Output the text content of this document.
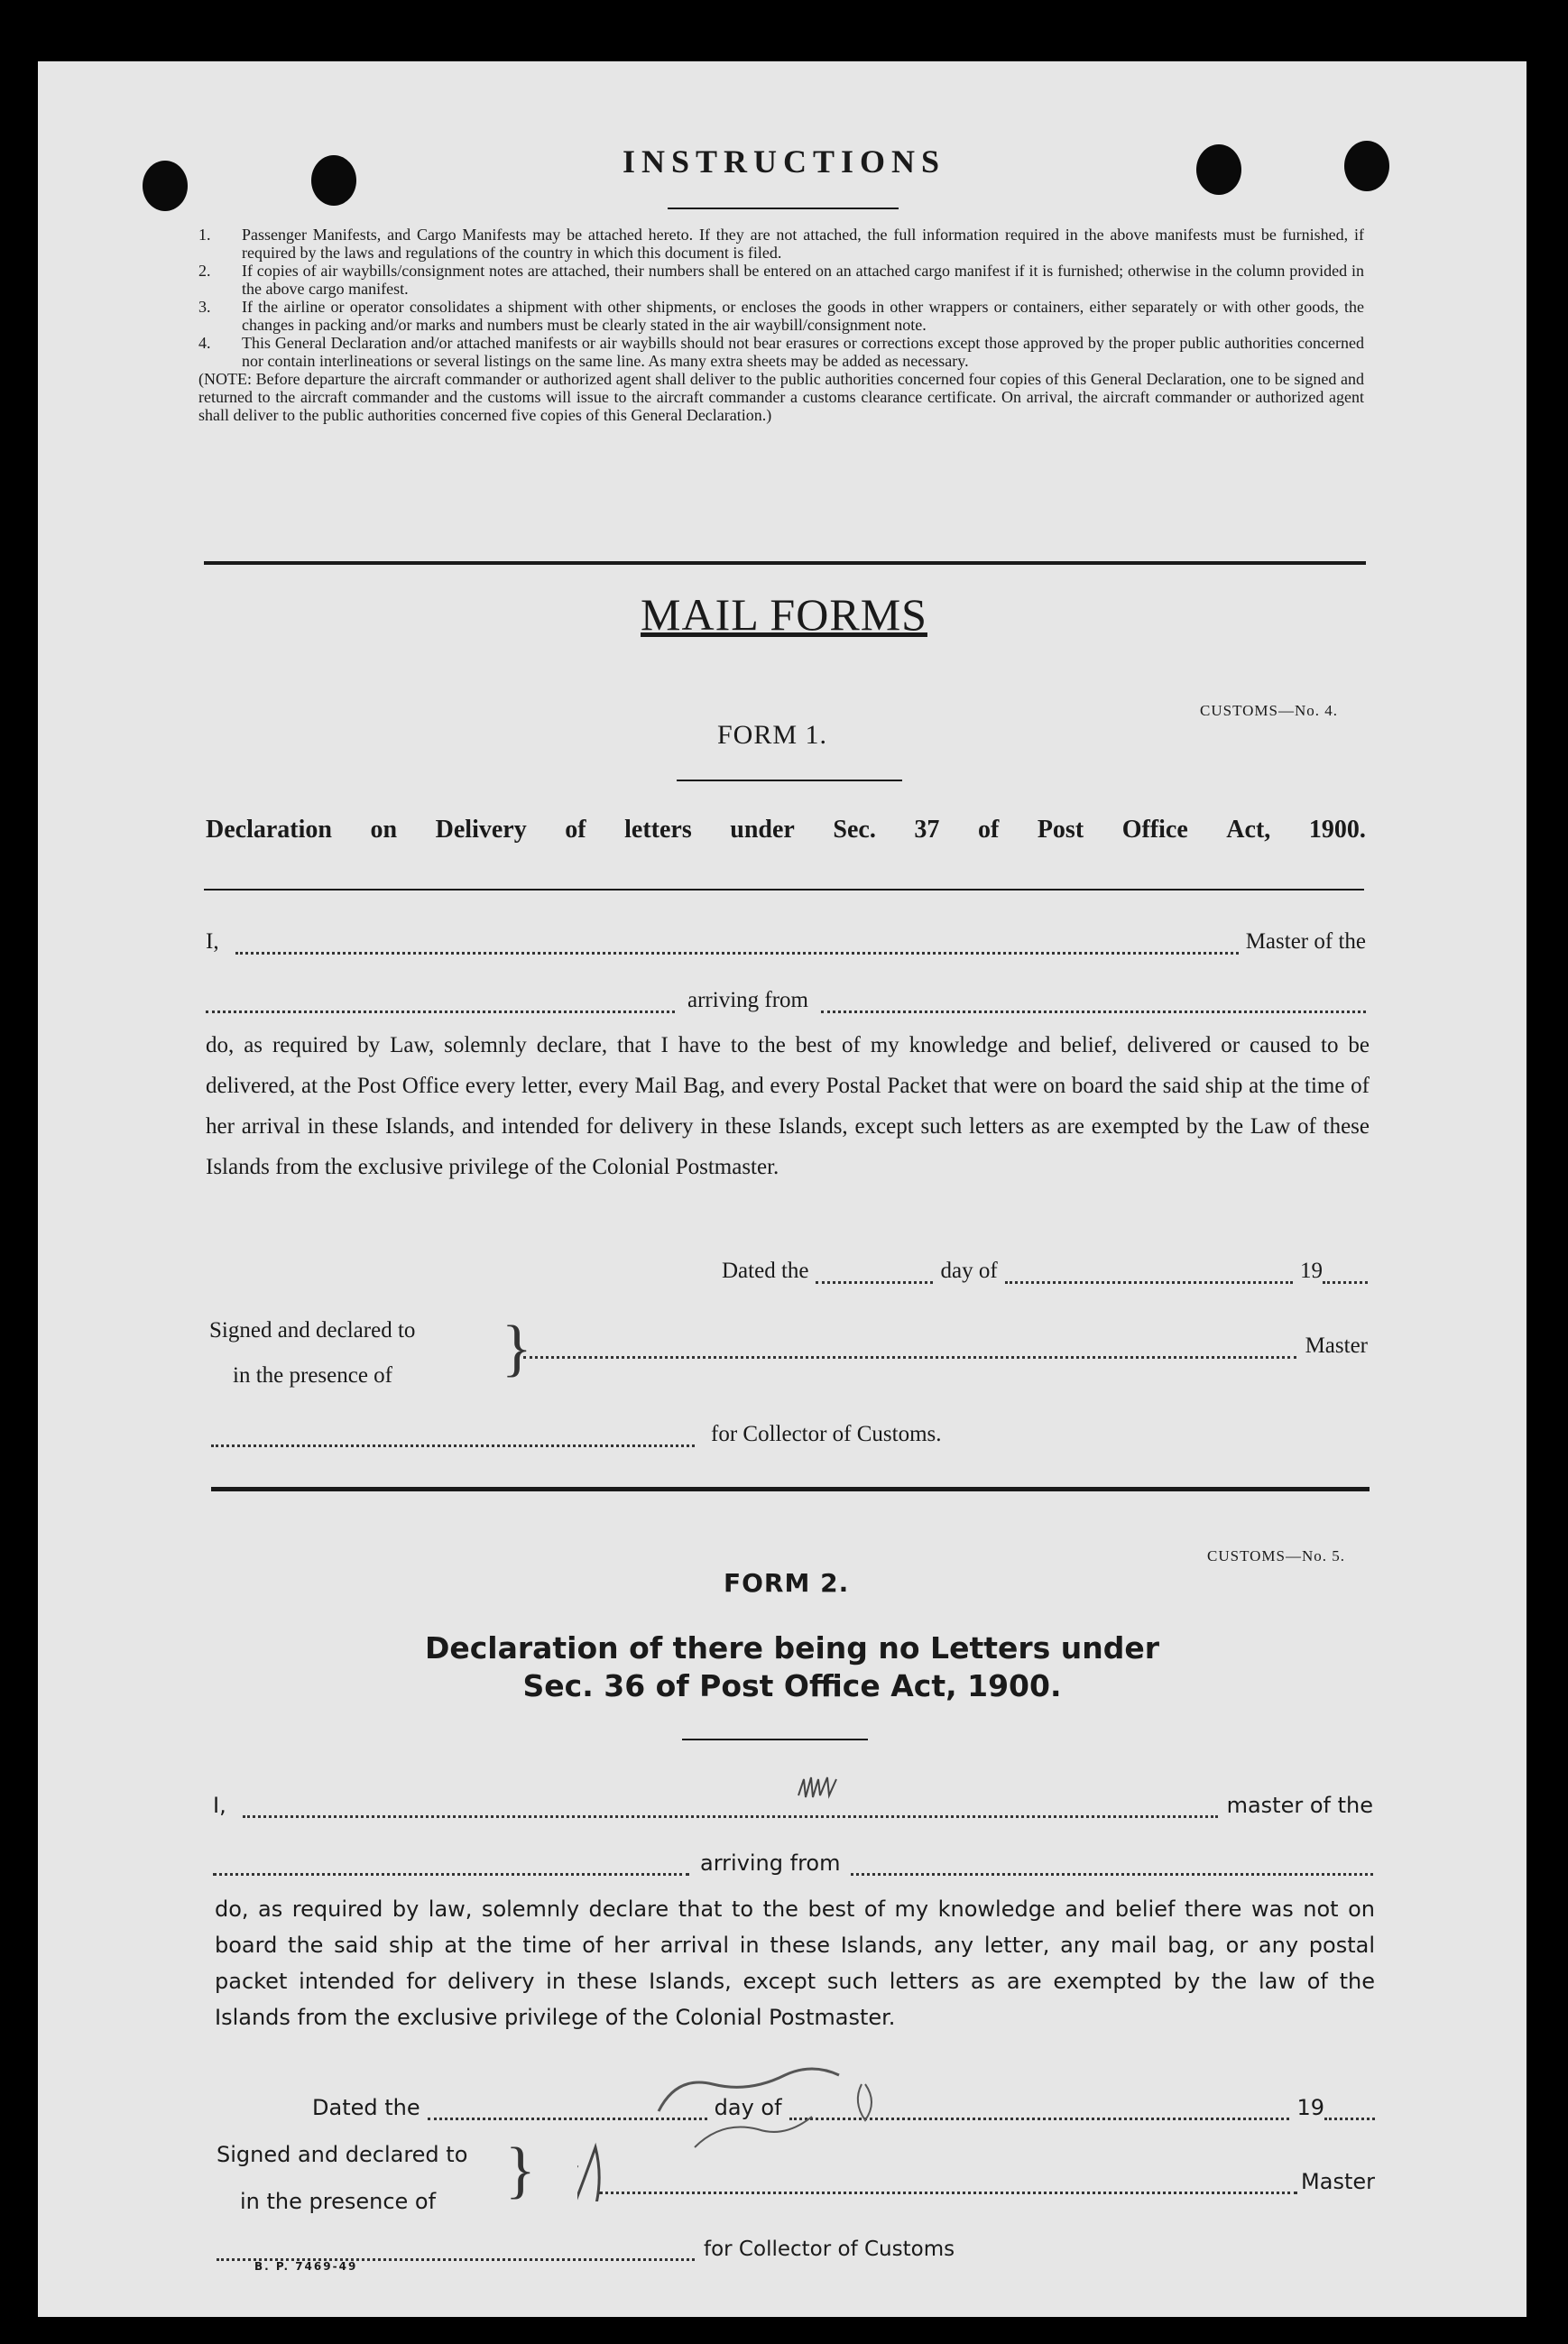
INSTRUCTIONS
1.	Passenger Manifests, and Cargo Manifests may be attached hereto. If they are not attached, the full information required in the above manifests must be furnished, if required by the laws and regulations of the country in which this document is filed.
2.	If copies of air waybills/consignment notes are attached, their numbers shall be entered on an attached cargo manifest if it is furnished; otherwise in the column provided in the above cargo manifest.
3.	If the airline or operator consolidates a shipment with other shipments, or encloses the goods in other wrappers or containers, either separately or with other goods, the changes in packing and/or marks and numbers must be clearly stated in the air waybill/consignment note.
4.	This General Declaration and/or attached manifests or air waybills should not bear erasures or corrections except those approved by the proper public authorities concerned nor contain interlineations or several listings on the same line. As many extra sheets may be added as necessary.
(NOTE: Before departure the aircraft commander or authorized agent shall deliver to the public authorities concerned four copies of this General Declaration, one to be signed and returned to the aircraft commander and the customs will issue to the aircraft commander a customs clearance certificate. On arrival, the aircraft commander or authorized agent shall deliver to the public authorities concerned five copies of this General Declaration.)
MAIL FORMS
CUSTOMS—No. 4.
FORM 1.
Declaration on Delivery of letters under Sec. 37 of Post Office Act, 1900.
I,	Master of the
arriving from
do, as required by Law, solemnly declare, that I have to the best of my knowledge and belief, delivered or caused to be delivered, at the Post Office every letter, every Mail Bag, and every Postal Packet that were on board the said ship at the time of her arrival in these Islands, and intended for delivery in these Islands, except such letters as are exempted by the Law of these Islands from the exclusive privilege of the Colonial Postmaster.
Dated the	day of	19
Signed and declared to
in the presence of	}	Master
for Collector of Customs.
CUSTOMS—No. 5.
FORM 2.
Declaration of there being no Letters under
Sec. 36 of Post Office Act, 1900.
I,	master of the
arriving from
do, as required by law, solemnly declare that to the best of my knowledge and belief there was not on board the said ship at the time of her arrival in these Islands, any letter, any mail bag, or any postal packet intended for delivery in these Islands, except such letters as are exempted by the law of the Islands from the exclusive privilege of the Colonial Postmaster.
Dated the	day of	19
Signed and declared to
in the presence of	}	Master
for Collector of Customs
B. P. 7469-49
